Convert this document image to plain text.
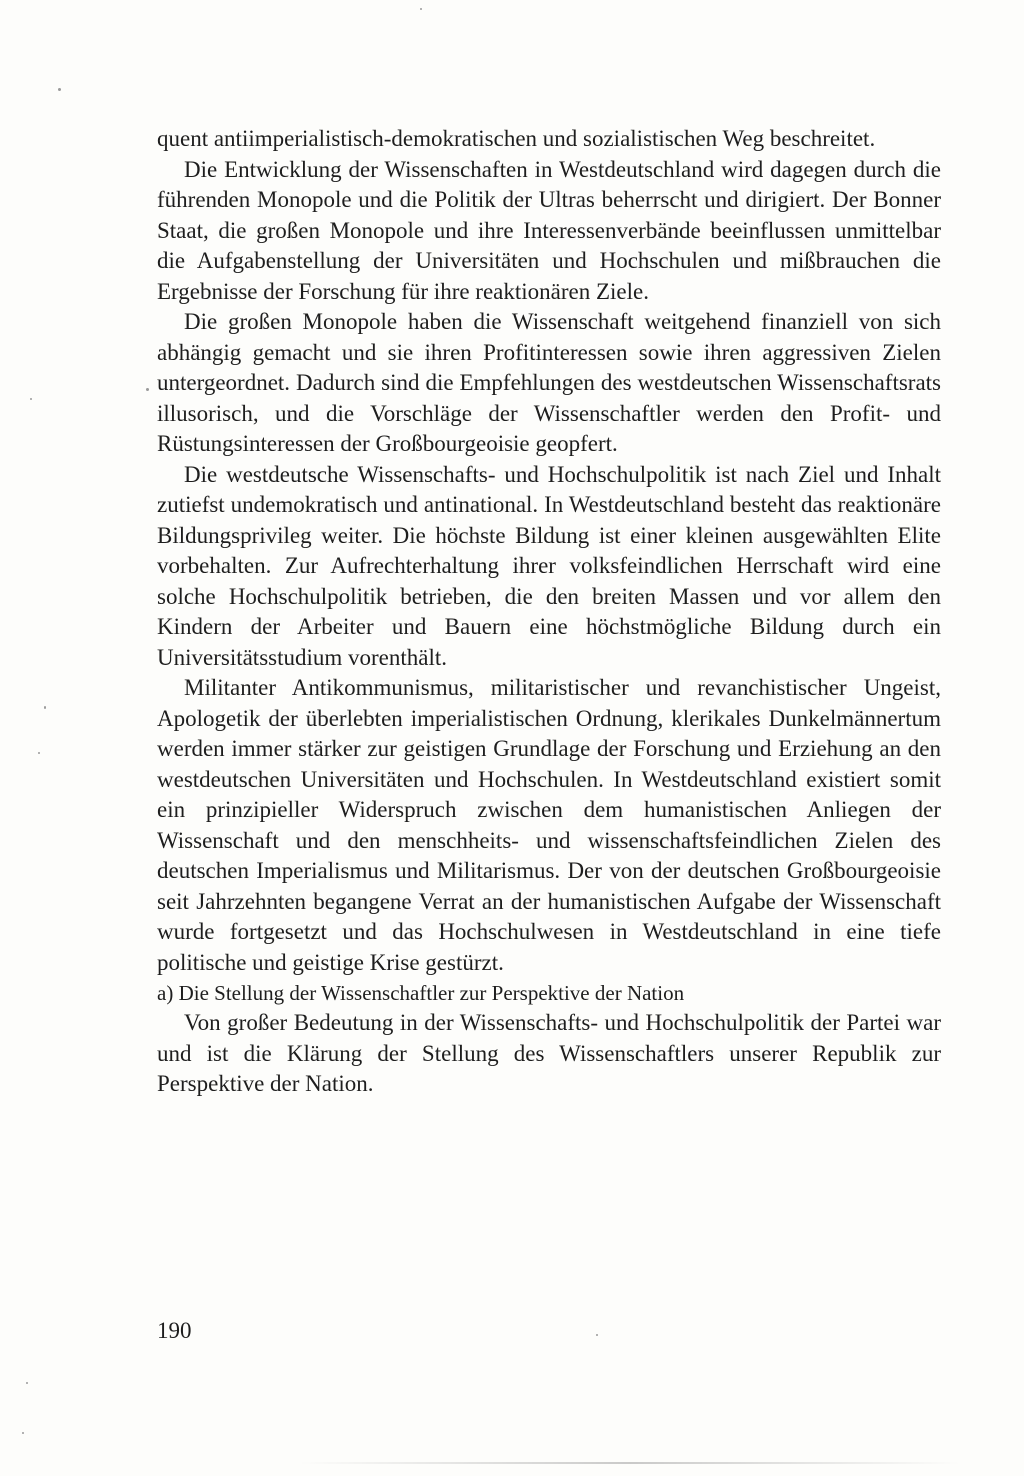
quent antiimperialistisch-demokratischen und sozialistischen Weg beschreitet.

Die Entwicklung der Wissenschaften in Westdeutschland wird dagegen durch die führenden Monopole und die Politik der Ultras beherrscht und dirigiert. Der Bonner Staat, die großen Monopole und ihre Interessenverbände beeinflussen unmittelbar die Aufgabenstellung der Universitäten und Hochschulen und mißbrauchen die Ergebnisse der Forschung für ihre reaktionären Ziele.

Die großen Monopole haben die Wissenschaft weitgehend finanziell von sich abhängig gemacht und sie ihren Profitinteressen sowie ihren aggressiven Zielen untergeordnet. Dadurch sind die Empfehlungen des westdeutschen Wissenschaftsrats illusorisch, und die Vorschläge der Wissenschaftler werden den Profit- und Rüstungsinteressen der Großbourgeoisie geopfert.

Die westdeutsche Wissenschafts- und Hochschulpolitik ist nach Ziel und Inhalt zutiefst undemokratisch und antinational. In Westdeutschland besteht das reaktionäre Bildungsprivileg weiter. Die höchste Bildung ist einer kleinen ausgewählten Elite vorbehalten. Zur Aufrechterhaltung ihrer volksfeindlichen Herrschaft wird eine solche Hochschulpolitik betrieben, die den breiten Massen und vor allem den Kindern der Arbeiter und Bauern eine höchstmögliche Bildung durch ein Universitätsstudium vorenthält.

Militanter Antikommunismus, militaristischer und revanchistischer Ungeist, Apologetik der überlebten imperialistischen Ordnung, klerikales Dunkelmännertum werden immer stärker zur geistigen Grundlage der Forschung und Erziehung an den westdeutschen Universitäten und Hochschulen. In Westdeutschland existiert somit ein prinzipieller Widerspruch zwischen dem humanistischen Anliegen der Wissenschaft und den menschheits- und wissenschaftsfeindlichen Zielen des deutschen Imperialismus und Militarismus. Der von der deutschen Großbourgeoisie seit Jahrzehnten begangene Verrat an der humanistischen Aufgabe der Wissenschaft wurde fortgesetzt und das Hochschulwesen in Westdeutschland in eine tiefe politische und geistige Krise gestürzt.

a) Die Stellung der Wissenschaftler zur Perspektive der Nation

Von großer Bedeutung in der Wissenschafts- und Hochschulpolitik der Partei war und ist die Klärung der Stellung des Wissenschaftlers unserer Republik zur Perspektive der Nation.

190
